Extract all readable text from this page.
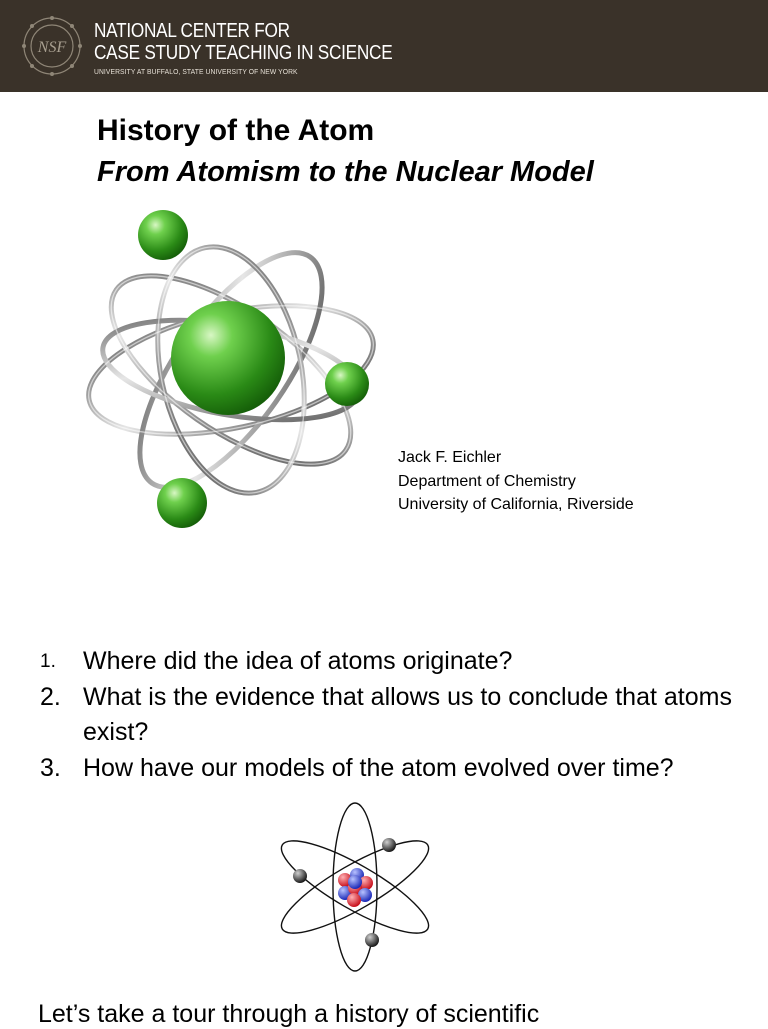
NSF
NATIONAL CENTER FOR
CASE STUDY TEACHING IN SCIENCE
UNIVERSITY AT BUFFALO, STATE UNIVERSITY OF NEW YORK
History of the Atom
From Atomism to the Nuclear Model
Jack F. Eichler
Department of Chemistry
University of California, Riverside
1. Where did the idea of atoms originate?
2. What is the evidence that allows us to conclude that atoms exist?
3. How have our models of the atom evolved over time?
Let’s take a tour through a history of scientific
